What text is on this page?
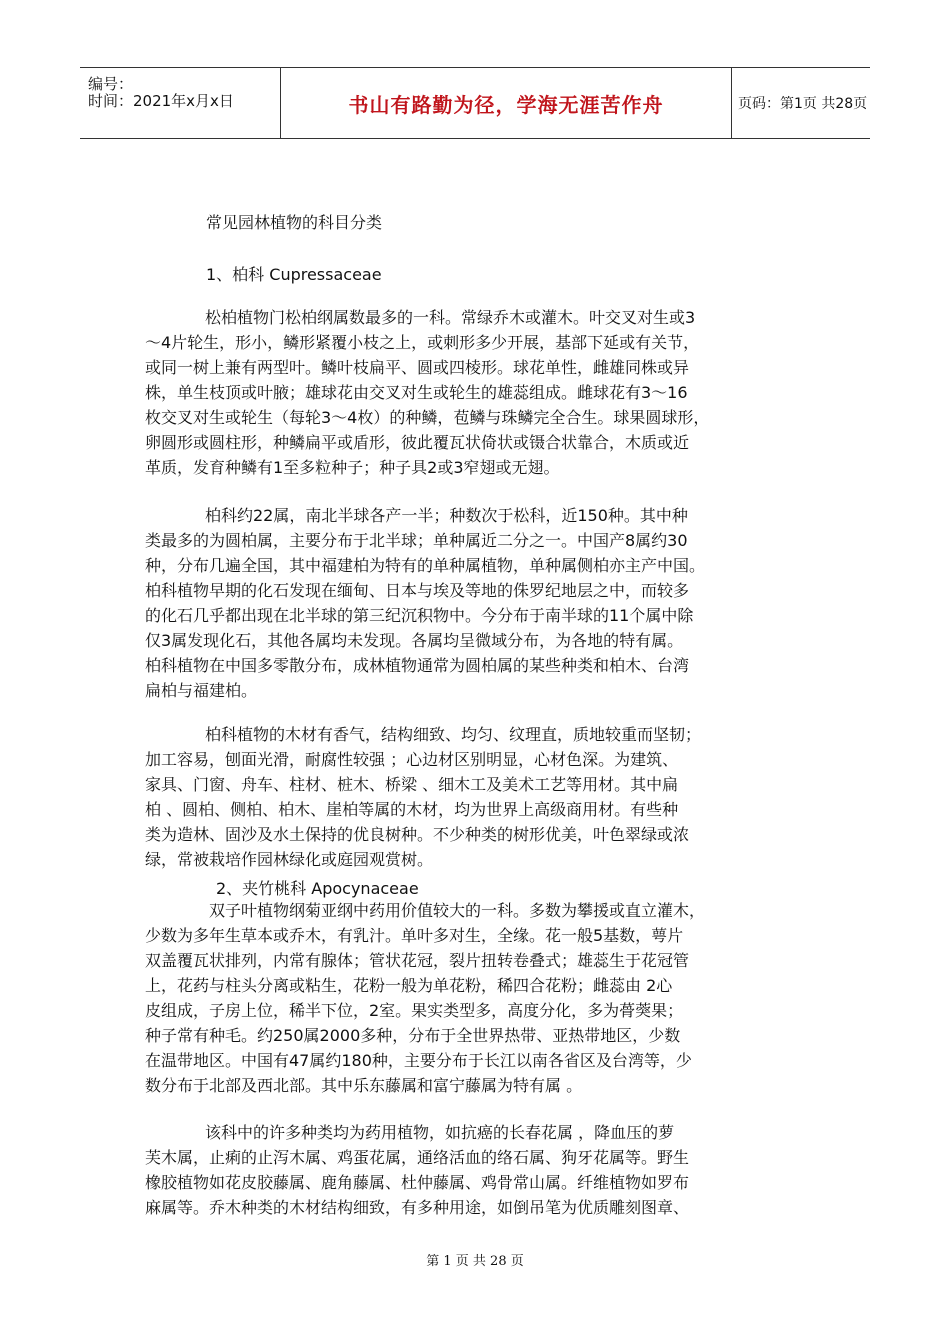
编号：
时间：2021年x月x日	书山有路勤为径，学海无涯苦作舟	页码：第1页 共28页
常见园林植物的科目分类
1、柏科 Cupressaceae
松柏植物门松柏纲属数最多的一科。常绿乔木或灌木。叶交叉对生或3
～4片轮生，形小，鳞形紧覆小枝之上，或刺形多少开展，基部下延或有关节，
或同一树上兼有两型叶。鳞叶枝扁平、圆或四棱形。球花单性，雌雄同株或异
株，单生枝顶或叶腋；雄球花由交叉对生或轮生的雄蕊组成。雌球花有3～16
枚交叉对生或轮生（每轮3～4枚）的种鳞，苞鳞与珠鳞完全合生。球果圆球形，
卵圆形或圆柱形，种鳞扁平或盾形，彼此覆瓦状倚状或镊合状靠合，木质或近
革质，发育种鳞有1至多粒种子；种子具2或3窄翅或无翅。
柏科约22属，南北半球各产一半；种数次于松科，近150种。其中种
类最多的为圆柏属，主要分布于北半球；单种属近二分之一。中国产8属约30
种，分布几遍全国，其中福建柏为特有的单种属植物，单种属侧柏亦主产中国。
柏科植物早期的化石发现在缅甸、日本与埃及等地的侏罗纪地层之中，而较多
的化石几乎都出现在北半球的第三纪沉积物中。今分布于南半球的11个属中除
仅3属发现化石，其他各属均未发现。各属均呈微域分布，为各地的特有属。
柏科植物在中国多零散分布，成林植物通常为圆柏属的某些种类和柏木、台湾
扁柏与福建柏。
柏科植物的木材有香气，结构细致、均匀、纹理直，质地较重而坚韧；
加工容易，刨面光滑，耐腐性较强 ；心边材区别明显，心材色深。为建筑、
家具、门窗、舟车、柱材、桩木、桥梁 、细木工及美术工艺等用材。其中扁
柏 、圆柏、侧柏、柏木、崖柏等属的木材，均为世界上高级商用材。有些种
类为造林、固沙及水土保持的优良树种。不少种类的树形优美，叶色翠绿或浓
绿，常被栽培作园林绿化或庭园观赏树。
2、夹竹桃科 Apocynaceae
双子叶植物纲菊亚纲中药用价值较大的一科。多数为攀援或直立灌木，
少数为多年生草本或乔木，有乳汁。单叶多对生，全缘。花一般5基数，萼片
双盖覆瓦状排列，内常有腺体；管状花冠，裂片扭转卷叠式；雄蕊生于花冠管
上，花药与柱头分离或粘生，花粉一般为单花粉，稀四合花粉；雌蕊由 2心
皮组成，子房上位，稀半下位，2室。果实类型多，高度分化，多为蓇葖果；
种子常有种毛。约250属2000多种，分布于全世界热带、亚热带地区，少数
在温带地区。中国有47属约180种，主要分布于长江以南各省区及台湾等，少
数分布于北部及西北部。其中乐东藤属和富宁藤属为特有属 。
该科中的许多种类均为药用植物，如抗癌的长春花属 ，降血压的萝
芙木属，止痢的止泻木属、鸡蛋花属，通络活血的络石属、狗牙花属等。野生
橡胶植物如花皮胶藤属、鹿角藤属、杜仲藤属、鸡骨常山属。纤维植物如罗布
麻属等。乔木种类的木材结构细致，有多种用途，如倒吊笔为优质雕刻图章、
第 1 页 共 28 页
